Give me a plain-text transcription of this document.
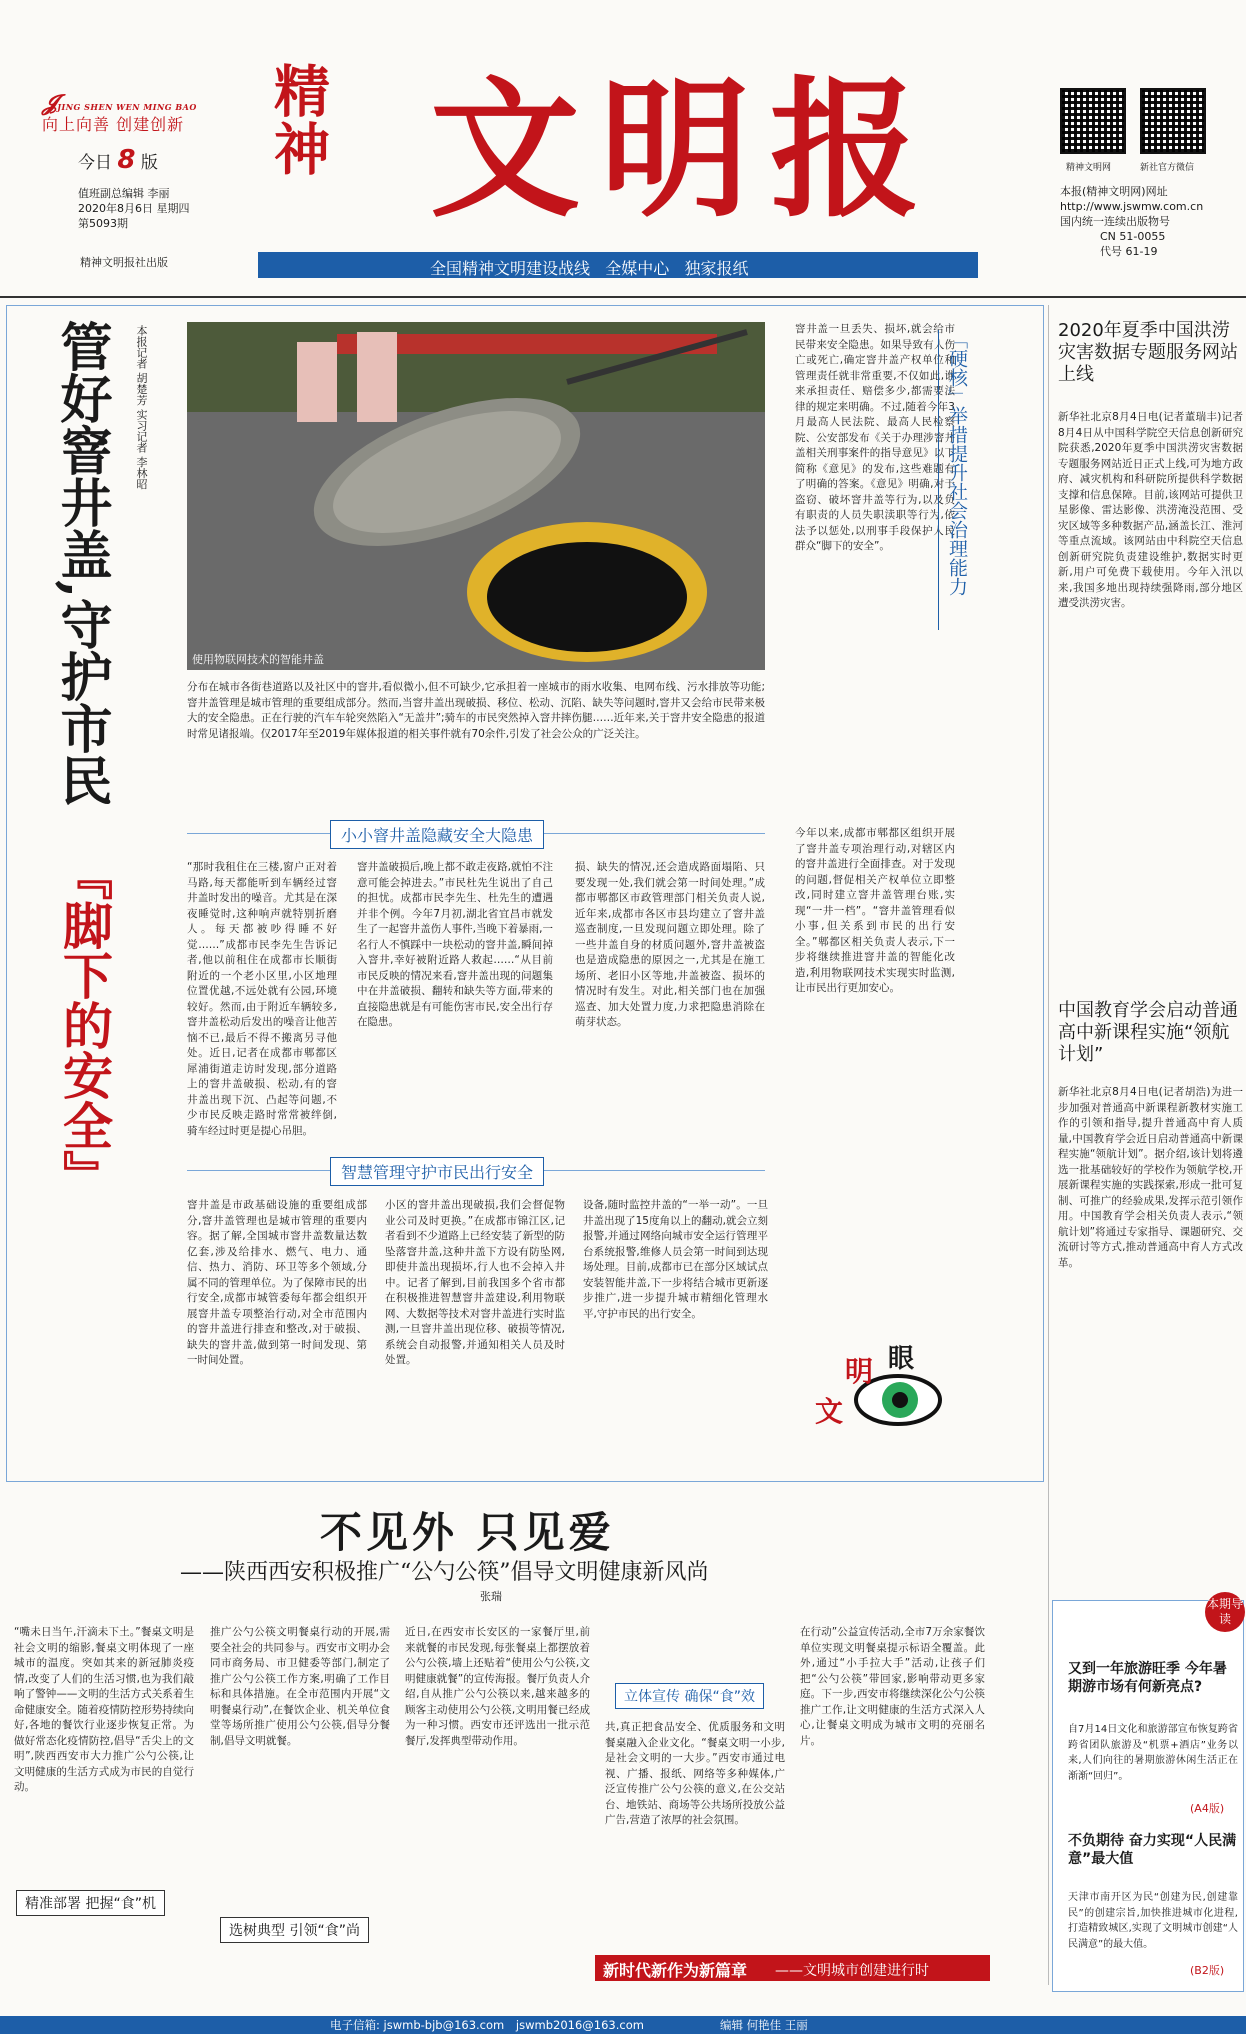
𝓙JING SHEN WEN MING BAO
向上向善 创建创新
今日 8 版
值班副总编辑 李丽
2020年8月6日 星期四
第5093期
精神文明报社出版
精神 文明报
全国精神文明建设战线   全媒中心   独家报纸
精神文明网	新社官方微信
本报(精神文明网)网址
http://www.jswmw.com.cn
国内统一连续出版物号
CN 51-0055
代号 61-19
管好窨井盖,守护市民
『脚下的安全』
本报记者 胡楚芳 实习记者 李林昭
使用物联网技术的智能井盖
分布在城市各街巷道路以及社区中的窨井,看似微小,但不可缺少,它承担着一座城市的雨水收集、电网布线、污水排放等功能;窨井盖管理是城市管理的重要组成部分。然而,当窨井盖出现破损、移位、松动、沉陷、缺失等问题时,窨井又会给市民带来极大的安全隐患。正在行驶的汽车车轮突然陷入“无盖井”;骑车的市民突然掉入窨井摔伤腿……近年来,关于窨井安全隐患的报道时常见诸报端。仅2017年至2019年媒体报道的相关事件就有70余件,引发了社会公众的广泛关注。
窨井盖一旦丢失、损坏,就会给市民带来安全隐患。如果导致有人伤亡或死亡,确定窨井盖产权单位和管理责任就非常重要,不仅如此,谁来承担责任、赔偿多少,都需要法律的规定来明确。不过,随着今年3月最高人民法院、最高人民检察院、公安部发布《关于办理涉窨井盖相关刑事案件的指导意见》以下简称《意见》的发布,这些难题有了明确的答案。《意见》明确,对于盗窃、破坏窨井盖等行为,以及负有职责的人员失职渎职等行为,依法予以惩处,以刑事手段保护人民群众“脚下的安全”。
今年以来,成都市郫都区组织开展了窨井盖专项治理行动,对辖区内的窨井盖进行全面排查。对于发现的问题,督促相关产权单位立即整改,同时建立窨井盖管理台账,实现“一井一档”。“窨井盖管理看似小事,但关系到市民的出行安全。”郫都区相关负责人表示,下一步将继续推进窨井盖的智能化改造,利用物联网技术实现实时监测,让市民出行更加安心。
「硬核」举措提升社会治理能力
小小窨井盖隐藏安全大隐患
“那时我租住在三楼,窗户正对着马路,每天都能听到车辆经过窨井盖时发出的噪音。尤其是在深夜睡觉时,这种响声就特别折磨人。每天都被吵得睡不好觉……”成都市民李先生告诉记者,他以前租住在成都市长顺街附近的一个老小区里,小区地理位置优越,不远处就有公园,环境较好。然而,由于附近车辆较多,窨井盖松动后发出的噪音让他苦恼不已,最后不得不搬离另寻他处。近日,记者在成都市郫都区犀浦街道走访时发现,部分道路上的窨井盖破损、松动,有的窨井盖出现下沉、凸起等问题,不少市民反映走路时常常被绊倒,骑车经过时更是提心吊胆。
窨井盖破损后,晚上都不敢走夜路,就怕不注意可能会掉进去。”市民杜先生说出了自己的担忧。成都市民李先生、杜先生的遭遇并非个例。今年7月初,湖北省宜昌市就发生了一起窨井盖伤人事件,当晚下着暴雨,一名行人不慎踩中一块松动的窨井盖,瞬间掉入窨井,幸好被附近路人救起……“从目前市民反映的情况来看,窨井盖出现的问题集中在井盖破损、翻转和缺失等方面,带来的直接隐患就是有可能伤害市民,安全出行存在隐患。
损、缺失的情况,还会造成路面塌陷、只要发现一处,我们就会第一时间处理。”成都市郫都区市政管理部门相关负责人说,近年来,成都市各区市县均建立了窨井盖巡查制度,一旦发现问题立即处理。除了一些井盖自身的材质问题外,窨井盖被盗也是造成隐患的原因之一,尤其是在施工场所、老旧小区等地,井盖被盗、损坏的情况时有发生。对此,相关部门也在加强巡查、加大处置力度,力求把隐患消除在萌芽状态。
智慧管理守护市民出行安全
窨井盖是市政基础设施的重要组成部分,窨井盖管理也是城市管理的重要内容。据了解,全国城市窨井盖数量达数亿套,涉及给排水、燃气、电力、通信、热力、消防、环卫等多个领域,分属不同的管理单位。为了保障市民的出行安全,成都市城管委每年都会组织开展窨井盖专项整治行动,对全市范围内的窨井盖进行排查和整改,对于破损、缺失的窨井盖,做到第一时间发现、第一时间处置。
小区的窨井盖出现破损,我们会督促物业公司及时更换。”在成都市锦江区,记者看到不少道路上已经安装了新型的防坠落窨井盖,这种井盖下方设有防坠网,即使井盖出现损坏,行人也不会掉入井中。记者了解到,目前我国多个省市都在积极推进智慧窨井盖建设,利用物联网、大数据等技术对窨井盖进行实时监测,一旦窨井盖出现位移、破损等情况,系统会自动报警,并通知相关人员及时处置。
设备,随时监控井盖的“一举一动”。一旦井盖出现了15度角以上的翻动,就会立刻报警,并通过网络向城市安全运行管理平台系统报警,维修人员会第一时间到达现场处理。目前,成都市已在部分区域试点安装智能井盖,下一步将结合城市更新逐步推广,进一步提升城市精细化管理水平,守护市民的出行安全。
明 眼
文
2020年夏季中国洪涝灾害数据专题服务网站上线
新华社北京8月4日电(记者董瑞丰)记者8月4日从中国科学院空天信息创新研究院获悉,2020年夏季中国洪涝灾害数据专题服务网站近日正式上线,可为地方政府、减灾机构和科研院所提供科学数据支撑和信息保障。目前,该网站可提供卫星影像、雷达影像、洪涝淹没范围、受灾区域等多种数据产品,涵盖长江、淮河等重点流域。该网站由中科院空天信息创新研究院负责建设维护,数据实时更新,用户可免费下载使用。今年入汛以来,我国多地出现持续强降雨,部分地区遭受洪涝灾害。
中国教育学会启动普通高中新课程实施“领航计划”
新华社北京8月4日电(记者胡浩)为进一步加强对普通高中新课程新教材实施工作的引领和指导,提升普通高中育人质量,中国教育学会近日启动普通高中新课程实施“领航计划”。据介绍,该计划将遴选一批基础较好的学校作为领航学校,开展新课程实施的实践探索,形成一批可复制、可推广的经验成果,发挥示范引领作用。中国教育学会相关负责人表示,“领航计划”将通过专家指导、课题研究、交流研讨等方式,推动普通高中育人方式改革。
不见外 只见爱
——陕西西安积极推广“公勺公筷”倡导文明健康新风尚
张瑞
“嘴未日当午,汗滴未下土。”餐桌文明是社会文明的缩影,餐桌文明体现了一座城市的温度。突如其来的新冠肺炎疫情,改变了人们的生活习惯,也为我们敲响了警钟——文明的生活方式关系着生命健康安全。随着疫情防控形势持续向好,各地的餐饮行业逐步恢复正常。为做好常态化疫情防控,倡导“舌尖上的文明”,陕西西安市大力推广公勺公筷,让文明健康的生活方式成为市民的自觉行动。
精准部署 把握“食”机
推广公勺公筷文明餐桌行动的开展,需要全社会的共同参与。西安市文明办会同市商务局、市卫健委等部门,制定了推广公勺公筷工作方案,明确了工作目标和具体措施。在全市范围内开展“文明餐桌行动”,在餐饮企业、机关单位食堂等场所推广使用公勺公筷,倡导分餐制,倡导文明就餐。
选树典型 引领“食”尚
近日,在西安市长安区的一家餐厅里,前来就餐的市民发现,每张餐桌上都摆放着公勺公筷,墙上还贴着“使用公勺公筷,文明健康就餐”的宣传海报。餐厅负责人介绍,自从推广公勺公筷以来,越来越多的顾客主动使用公勺公筷,文明用餐已经成为一种习惯。西安市还评选出一批示范餐厅,发挥典型带动作用。
立体宣传 确保“食”效
共,真正把食品安全、优质服务和文明餐桌融入企业文化。“餐桌文明一小步,是社会文明的一大步。”西安市通过电视、广播、报纸、网络等多种媒体,广泛宣传推广公勺公筷的意义,在公交站台、地铁站、商场等公共场所投放公益广告,营造了浓厚的社会氛围。
在行动”公益宣传活动,全市7万余家餐饮单位实现文明餐桌提示标语全覆盖。此外,通过“小手拉大手”活动,让孩子们把“公勺公筷”带回家,影响带动更多家庭。下一步,西安市将继续深化公勺公筷推广工作,让文明健康的生活方式深入人心,让餐桌文明成为城市文明的亮丽名片。
本期导读
又到一年旅游旺季 今年暑期游市场有何新亮点?
自7月14日文化和旅游部宣布恢复跨省跨省团队旅游及“机票+酒店”业务以来,人们向往的暑期旅游休闲生活正在渐渐“回归”。
(A4版)
不负期待 奋力实现“人民满意”最大值
天津市南开区为民“创建为民,创建靠民”的创建宗旨,加快推进城市化进程,打造精致城区,实现了文明城市创建“人民满意”的最大值。
(B2版)
新时代新作为新篇章 ——文明城市创建进行时
电子信箱: jswmb-bjb@163.com jswmb2016@163.com	编辑 何艳佳 王丽
